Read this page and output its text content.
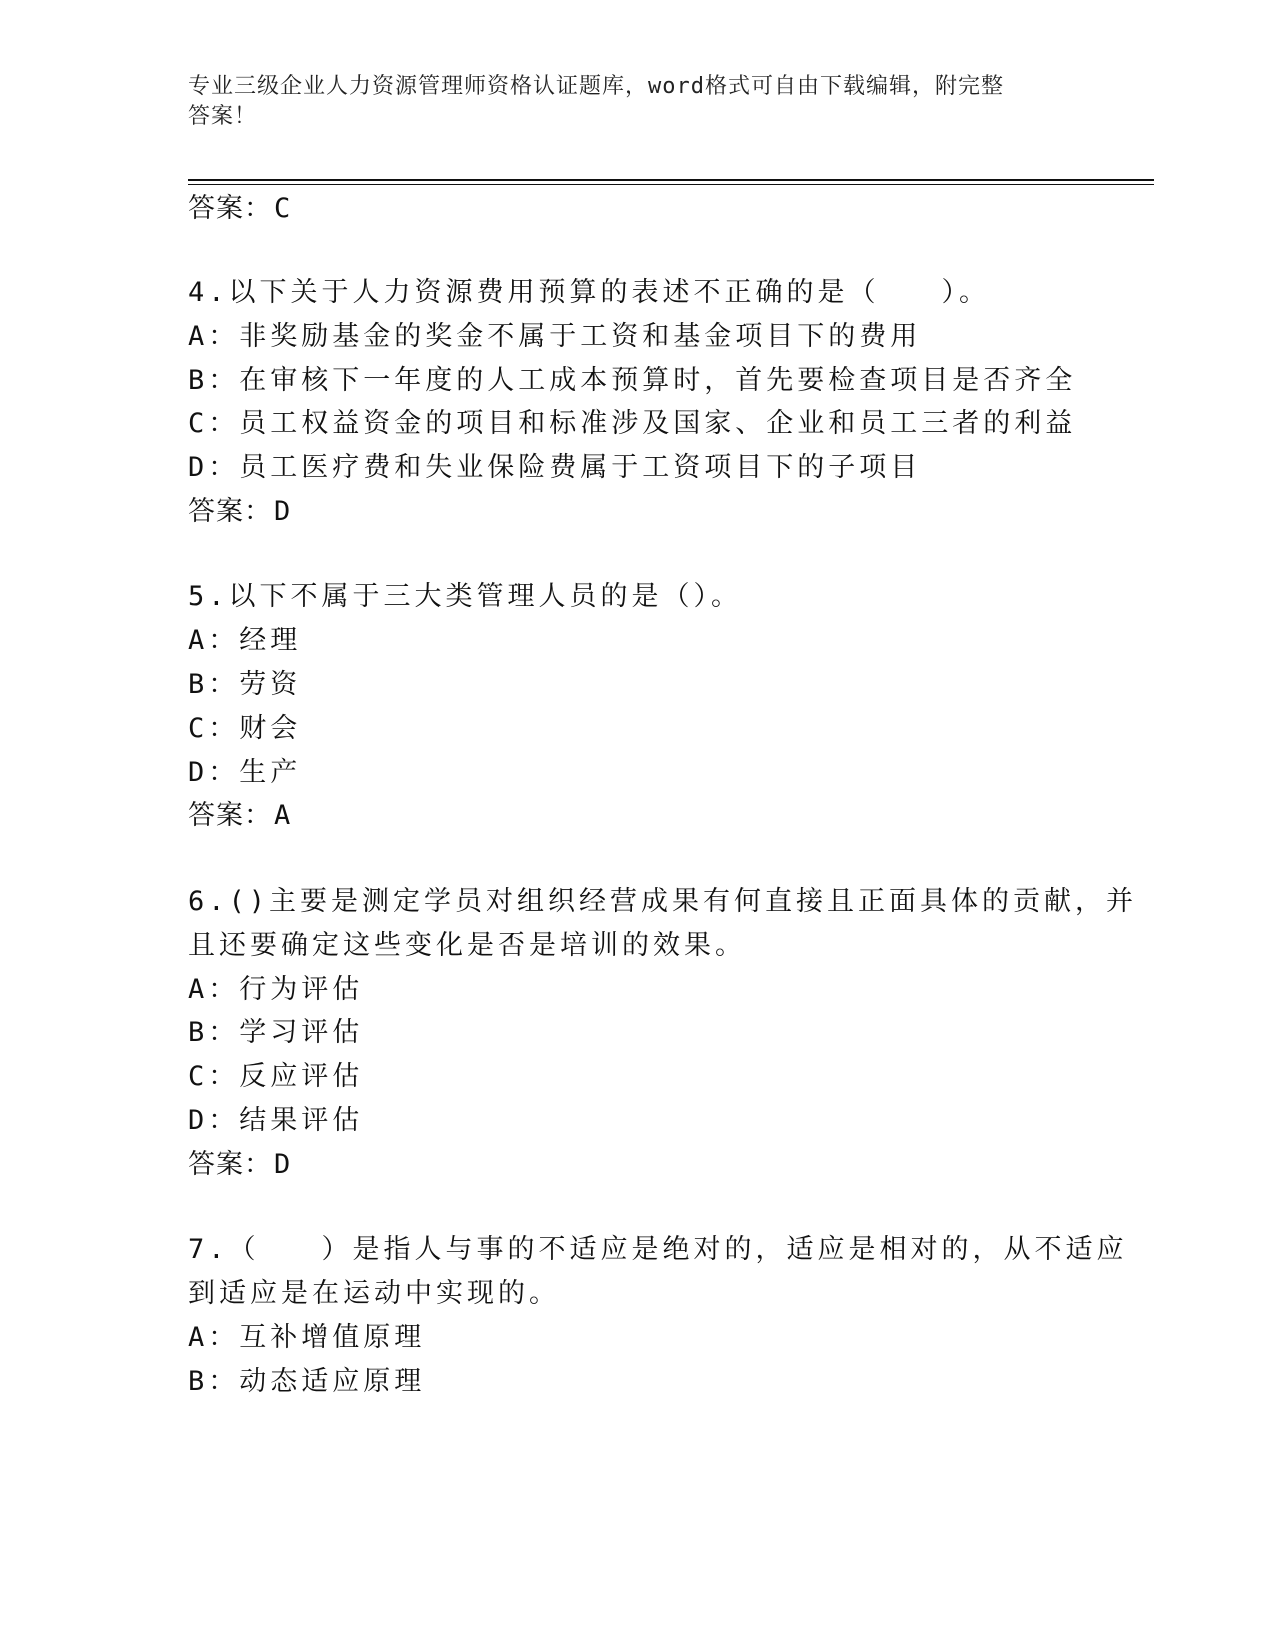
专业三级企业人力资源管理师资格认证题库，word格式可自由下载编辑，附完整
答案！
答案：C
4.以下关于人力资源费用预算的表述不正确的是（　　）。
A：非奖励基金的奖金不属于工资和基金项目下的费用
B：在审核下一年度的人工成本预算时，首先要检查项目是否齐全
C：员工权益资金的项目和标准涉及国家、企业和员工三者的利益
D：员工医疗费和失业保险费属于工资项目下的子项目
答案：D
5.以下不属于三大类管理人员的是（）。
A：经理
B：劳资
C：财会
D：生产
答案：A
6.()主要是测定学员对组织经营成果有何直接且正面具体的贡献，并
且还要确定这些变化是否是培训的效果。
A：行为评估
B：学习评估
C：反应评估
D：结果评估
答案：D
7.（　　）是指人与事的不适应是绝对的，适应是相对的，从不适应
到适应是在运动中实现的。
A：互补增值原理
B：动态适应原理
